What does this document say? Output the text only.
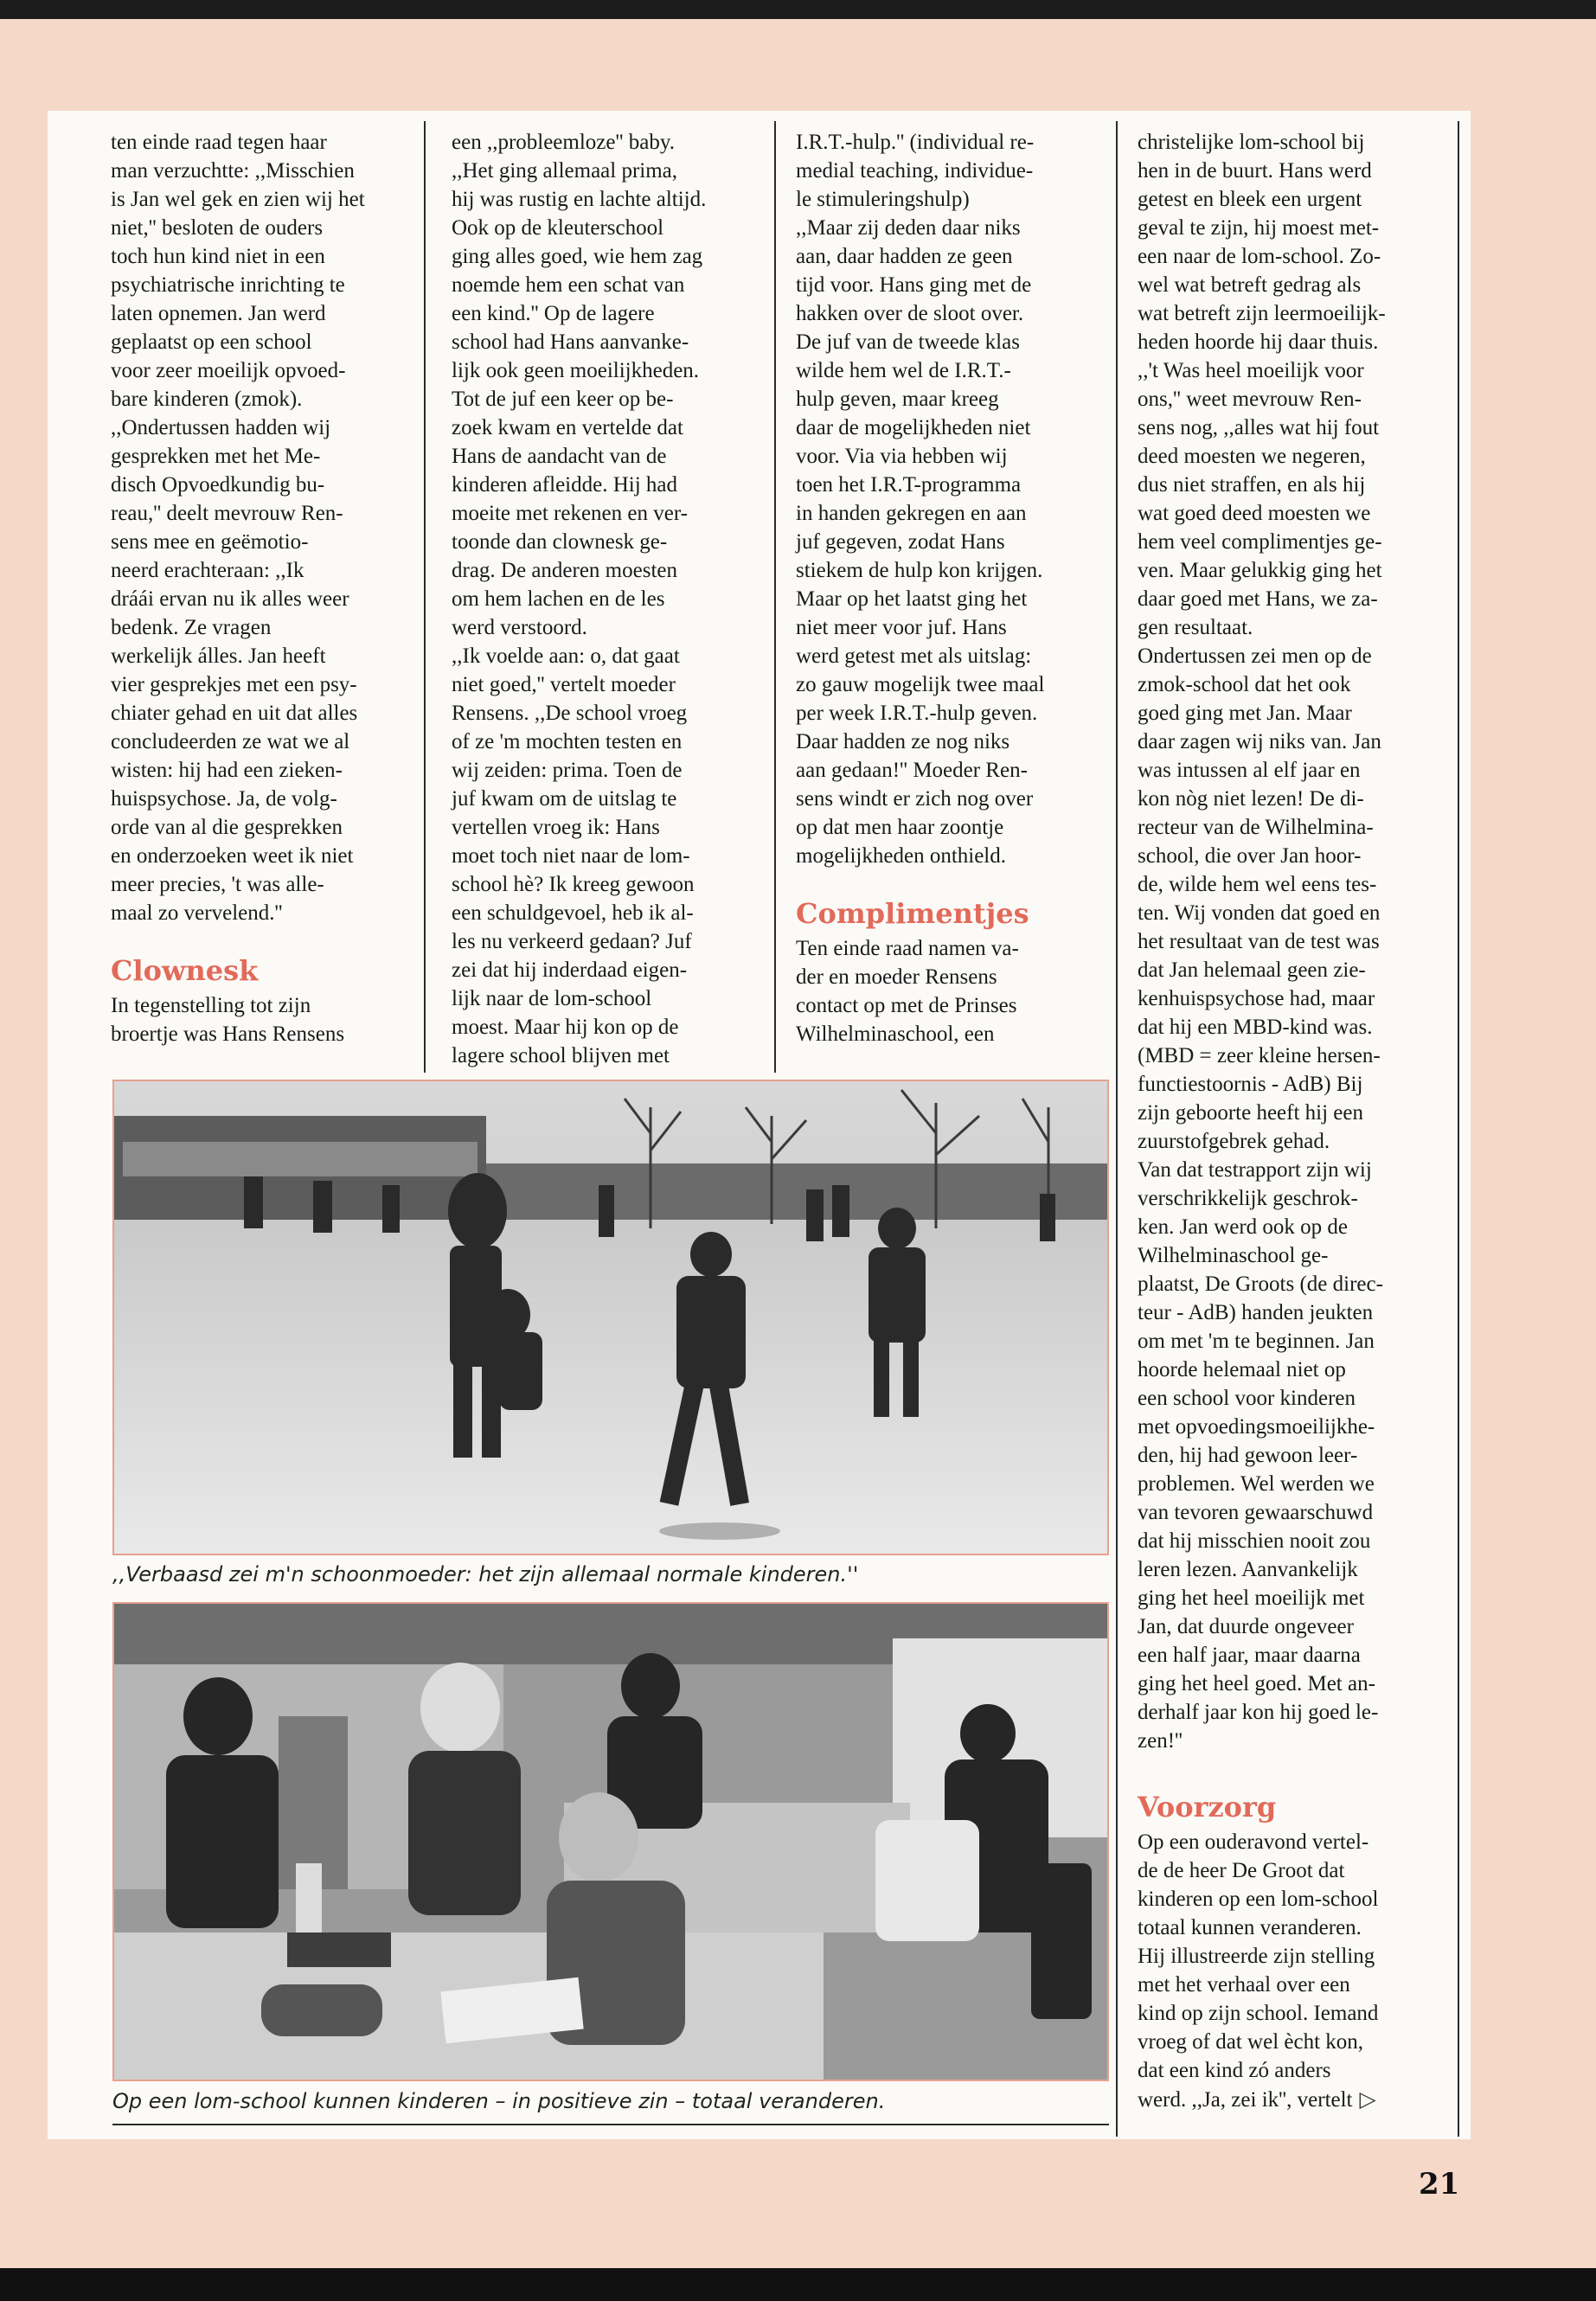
ten einde raad tegen haar

man verzuchtte: ,,Misschien

is Jan wel gek en zien wij het

niet,'' besloten de ouders

toch hun kind niet in een

psychiatrische inrichting te

laten opnemen. Jan werd

geplaatst op een school

voor zeer moeilijk opvoed-

bare kinderen (zmok).

,,Ondertussen hadden wij

gesprekken met het Me-

disch Opvoedkundig bu-

reau,'' deelt mevrouw Ren-

sens mee en geëmotio-

neerd erachteraan: ,,Ik

dráái ervan nu ik alles weer

bedenk. Ze vragen

werkelijk álles. Jan heeft

vier gesprekjes met een psy-

chiater gehad en uit dat alles

concludeerden ze wat we al

wisten: hij had een zieken-

huispsychose. Ja, de volg-

orde van al die gesprekken

en onderzoeken weet ik niet

meer precies, 't was alle-

maal zo vervelend.''

Clownesk

In tegenstelling tot zijn

broertje was Hans Rensens

een ,,probleemloze'' baby.

,,Het ging allemaal prima,

hij was rustig en lachte altijd.

Ook op de kleuterschool

ging alles goed, wie hem zag

noemde hem een schat van

een kind.'' Op de lagere

school had Hans aanvanke-

lijk ook geen moeilijkheden.

Tot de juf een keer op be-

zoek kwam en vertelde dat

Hans de aandacht van de

kinderen afleidde. Hij had

moeite met rekenen en ver-

toonde dan clownesk ge-

drag. De anderen moesten

om hem lachen en de les

werd verstoord.

,,Ik voelde aan: o, dat gaat

niet goed,'' vertelt moeder

Rensens. ,,De school vroeg

of ze 'm mochten testen en

wij zeiden: prima. Toen de

juf kwam om de uitslag te

vertellen vroeg ik: Hans

moet toch niet naar de lom-

school hè? Ik kreeg gewoon

een schuldgevoel, heb ik al-

les nu verkeerd gedaan? Juf

zei dat hij inderdaad eigen-

lijk naar de lom-school

moest. Maar hij kon op de

lagere school blijven met

I.R.T.-hulp.'' (individual re-

medial teaching, individue-

le stimuleringshulp)

,,Maar zij deden daar niks

aan, daar hadden ze geen

tijd voor. Hans ging met de

hakken over de sloot over.

De juf van de tweede klas

wilde hem wel de I.R.T.-

hulp geven, maar kreeg

daar de mogelijkheden niet

voor. Via via hebben wij

toen het I.R.T-programma

in handen gekregen en aan

juf gegeven, zodat Hans

stiekem de hulp kon krijgen.

Maar op het laatst ging het

niet meer voor juf. Hans

werd getest met als uitslag:

zo gauw mogelijk twee maal

per week I.R.T.-hulp geven.

Daar hadden ze nog niks

aan gedaan!'' Moeder Ren-

sens windt er zich nog over

op dat men haar zoontje

mogelijkheden onthield.

Complimentjes

Ten einde raad namen va-

der en moeder Rensens

contact op met de Prinses

Wilhelminaschool, een

christelijke lom-school bij

hen in de buurt. Hans werd

getest en bleek een urgent

geval te zijn, hij moest met-

een naar de lom-school. Zo-

wel wat betreft gedrag als

wat betreft zijn leermoeilijk-

heden hoorde hij daar thuis.

,,'t Was heel moeilijk voor

ons,'' weet mevrouw Ren-

sens nog, ,,alles wat hij fout

deed moesten we negeren,

dus niet straffen, en als hij

wat goed deed moesten we

hem veel complimentjes ge-

ven. Maar gelukkig ging het

daar goed met Hans, we za-

gen resultaat.

Ondertussen zei men op de

zmok-school dat het ook

goed ging met Jan. Maar

daar zagen wij niks van. Jan

was intussen al elf jaar en

kon nòg niet lezen! De di-

recteur van de Wilhelmina-

school, die over Jan hoor-

de, wilde hem wel eens tes-

ten. Wij vonden dat goed en

het resultaat van de test was

dat Jan helemaal geen zie-

kenhuispsychose had, maar

dat hij een MBD-kind was.

(MBD = zeer kleine hersen-

functiestoornis - AdB) Bij

zijn geboorte heeft hij een

zuurstofgebrek gehad.

Van dat testrapport zijn wij

verschrikkelijk geschrok-

ken. Jan werd ook op de

Wilhelminaschool ge-

plaatst, De Groots (de direc-

teur - AdB) handen jeukten

om met 'm te beginnen. Jan

hoorde helemaal niet op

een school voor kinderen

met opvoedingsmoeilijkhe-

den, hij had gewoon leer-

problemen. Wel werden we

van tevoren gewaarschuwd

dat hij misschien nooit zou

leren lezen. Aanvankelijk

ging het heel moeilijk met

Jan, dat duurde ongeveer

een half jaar, maar daarna

ging het heel goed. Met an-

derhalf jaar kon hij goed le-

zen!''

Voorzorg

Op een ouderavond vertel-

de de heer De Groot dat

kinderen op een lom-school

totaal kunnen veranderen.

Hij illustreerde zijn stelling

met het verhaal over een

kind op zijn school. Iemand

vroeg of dat wel ècht kon,

dat een kind zó anders

werd. ,,Ja, zei ik'', vertelt ▷

,,Verbaasd zei m'n schoonmoeder: het zijn allemaal normale kinderen.''
Op een lom-school kunnen kinderen – in positieve zin – totaal veranderen.
21
